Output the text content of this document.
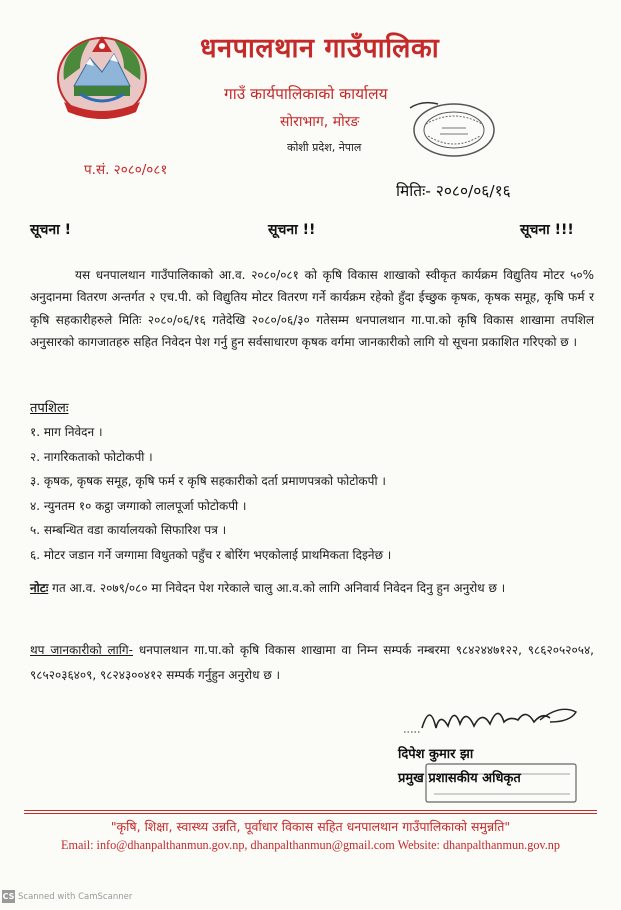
धनपालथान गाउँपालिका
गाउँ कार्यपालिकाको कार्यालय
सोराभाग, मोरङ
कोशी प्रदेश, नेपाल
प.सं. २०८०/०८१
मितिः- २०८०/०६/१६
सूचना !	सूचना !!	सूचना !!!

यस धनपालथान गाउँपालिकाको आ.व. २०८०/०८१ को कृषि विकास शाखाको स्वीकृत कार्यक्रम विद्युतिय मोटर ५०% अनुदानमा वितरण अन्तर्गत २ एच.पी. को विद्युतिय मोटर वितरण गर्ने कार्यक्रम रहेको हुँदा ईच्छुक कृषक, कृषक समूह, कृषि फर्म र कृषि सहकारीहरुले मितिः २०८०/०६/१६ गतेदेखि २०८०/०६/३० गतेसम्म धनपालथान गा.पा.को कृषि विकास शाखामा तपशिल अनुसारको कागजातहरु सहित निवेदन पेश गर्नु हुन सर्वसाधारण कृषक वर्गमा जानकारीको लागि यो सूचना प्रकाशित गरिएको छ ।

तपशिलः
१. माग निवेदन ।
२. नागरिकताको फोटोकपी ।
३. कृषक, कृषक समूह, कृषि फर्म र कृषि सहकारीको दर्ता प्रमाणपत्रको फोटोकपी ।
४. न्युनतम १० कट्ठा जग्गाको लालपूर्जा फोटोकपी ।
५. सम्बन्धित वडा कार्यालयको सिफारिश पत्र ।
६. मोटर जडान गर्ने जग्गामा विधुतको पहुँच र बोरिंग भएकोलाई प्राथमिकता दिइनेछ ।
नोटः गत आ.व. २०७९/०८० मा निवेदन पेश गरेकाले चालु आ.व.को लागि अनिवार्य निवेदन दिनु हुन अनुरोध छ ।
थप जानकारीको लागि- धनपालथान गा.पा.को कृषि विकास शाखामा वा निम्न सम्पर्क नम्बरमा ९८४२४४७१२२, ९८६२०५२०५४, ९८५२०३६४०९, ९८२४३००४१२ सम्पर्क गर्नुहुन अनुरोध छ ।
दिपेश कुमार झा
प्रमुख प्रशासकीय अधिकृत
"कृषि, शिक्षा, स्वास्थ्य उन्नति, पूर्वाधार विकास सहित धनपालथान गाउँपालिकाको समुन्नति"
Email: info@dhanpalthanmun.gov.np, dhanpalthanmun@gmail.com Website: dhanpalthanmun.gov.np
CS Scanned with CamScanner
